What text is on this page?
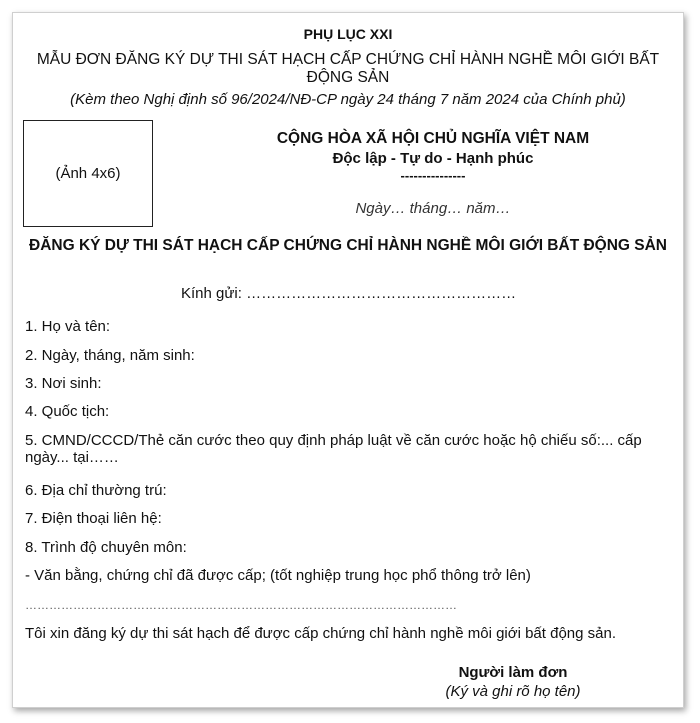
PHỤ LỤC XXI
MẪU ĐƠN ĐĂNG KÝ DỰ THI SÁT HẠCH CẤP CHỨNG CHỈ HÀNH NGHỀ MÔI GIỚI BẤT ĐỘNG SẢN
(Kèm theo Nghị định số 96/2024/NĐ-CP ngày 24 tháng 7 năm 2024 của Chính phủ)
(Ảnh 4x6)
CỘNG HÒA XÃ HỘI CHỦ NGHĨA VIỆT NAM
Độc lập - Tự do - Hạnh phúc
---------------
Ngày… tháng… năm…
ĐĂNG KÝ DỰ THI SÁT HẠCH CẤP CHỨNG CHỈ HÀNH NGHỀ MÔI GIỚI BẤT ĐỘNG SẢN
Kính gửi: ………………………………………………
1. Họ và tên:
2. Ngày, tháng, năm sinh:
3. Nơi sinh:
4. Quốc tịch:
5. CMND/CCCD/Thẻ căn cước theo quy định pháp luật về căn cước hoặc hộ chiếu số:... cấp ngày... tại……
6. Địa chỉ thường trú:
7. Điện thoại liên hệ:
8. Trình độ chuyên môn:
- Văn bằng, chứng chỉ đã được cấp; (tốt nghiệp trung học phổ thông trở lên)
………………………………………………………………………………………………
Tôi xin đăng ký dự thi sát hạch để được cấp chứng chỉ hành nghề môi giới bất động sản.
Người làm đơn
(Ký và ghi rõ họ tên)
